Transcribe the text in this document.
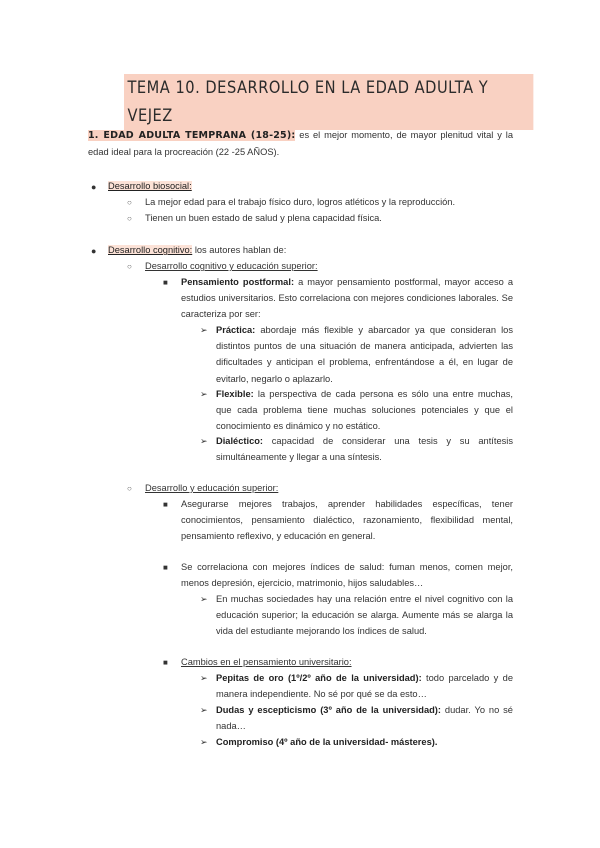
TEMA 10. DESARROLLO EN LA EDAD ADULTA Y VEJEZ

1. EDAD ADULTA TEMPRANA (18-25): es el mejor momento, de mayor plenitud vital y la edad ideal para la procreación (22 -25 AÑOS).

● Desarrollo biosocial:

○ La mejor edad para el trabajo físico duro, logros atléticos y la reproducción.

○ Tienen un buen estado de salud y plena capacidad física.

● Desarrollo cognitivo: los autores hablan de:

○ Desarrollo cognitivo y educación superior:

■ Pensamiento postformal: a mayor pensamiento postformal, mayor acceso a estudios universitarios. Esto correlaciona con mejores condiciones laborales. Se caracteriza por ser:

➢ Práctica: abordaje más flexible y abarcador ya que consideran los distintos puntos de una situación de manera anticipada, advierten las dificultades y anticipan el problema, enfrentándose a él, en lugar de evitarlo, negarlo o aplazarlo.

➢ Flexible: la perspectiva de cada persona es sólo una entre muchas, que cada problema tiene muchas soluciones potenciales y que el conocimiento es dinámico y no estático.

➢ Dialéctico: capacidad de considerar una tesis y su antítesis simultáneamente y llegar a una síntesis.

○ Desarrollo y educación superior:

■ Asegurarse mejores trabajos, aprender habilidades específicas, tener conocimientos, pensamiento dialéctico, razonamiento, flexibilidad mental, pensamiento reflexivo, y educación en general.

■ Se correlaciona con mejores índices de salud: fuman menos, comen mejor, menos depresión, ejercicio, matrimonio, hijos saludables…

➢ En muchas sociedades hay una relación entre el nivel cognitivo con la educación superior; la educación se alarga. Aumente más se alarga la vida del estudiante mejorando los índices de salud.

■ Cambios en el pensamiento universitario:

➢ Pepitas de oro (1º/2º año de la universidad): todo parcelado y de manera independiente. No sé por qué se da esto…

➢ Dudas y escepticismo (3º año de la universidad): dudar. Yo no sé nada…

➢ Compromiso (4º año de la universidad- másteres).
